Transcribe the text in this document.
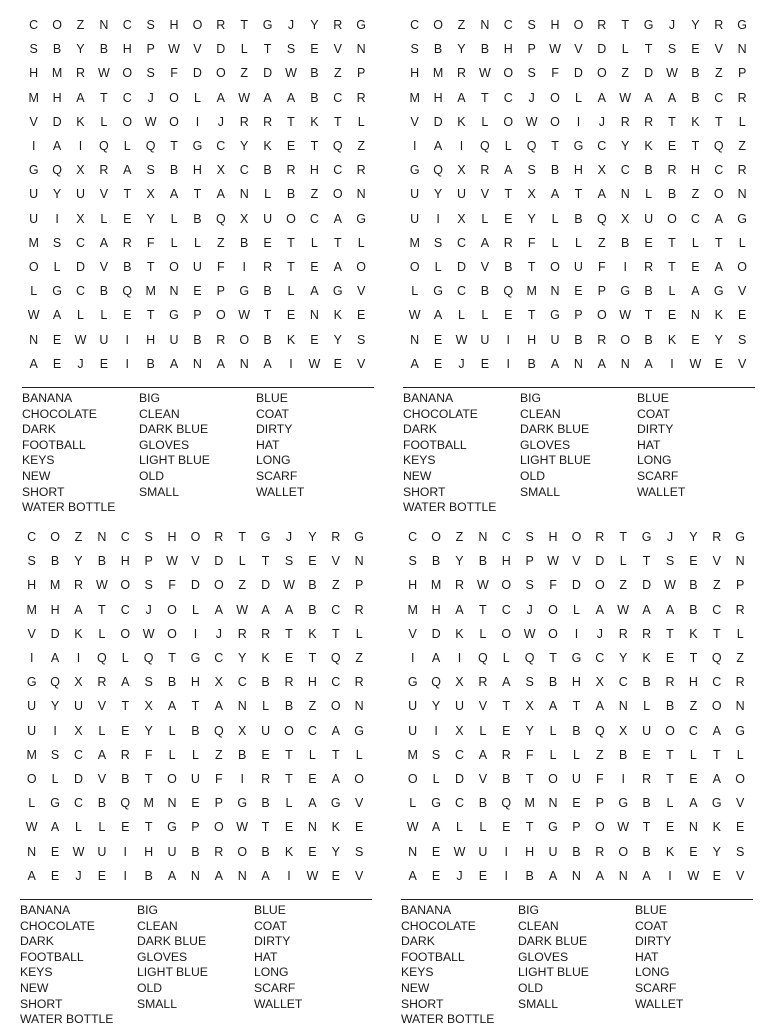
C	O	Z	N	C	S	H	O	R	T	G	J	Y	R	G
S	B	Y	B	H	P	W	V	D	L	T	S	E	V	N
H	M	R	W	O	S	F	D	O	Z	D	W	B	Z	P
M	H	A	T	C	J	O	L	A	W	A	A	B	C	R
V	D	K	L	O	W	O	I	J	R	R	T	K	T	L
I	A	I	Q	L	Q	T	G	C	Y	K	E	T	Q	Z
G	Q	X	R	A	S	B	H	X	C	B	R	H	C	R
U	Y	U	V	T	X	A	T	A	N	L	B	Z	O	N
U	I	X	L	E	Y	L	B	Q	X	U	O	C	A	G
M	S	C	A	R	F	L	L	Z	B	E	T	L	T	L
O	L	D	V	B	T	O	U	F	I	R	T	E	A	O
L	G	C	B	Q	M	N	E	P	G	B	L	A	G	V
W	A	L	L	E	T	G	P	O	W	T	E	N	K	E
N	E	W	U	I	H	U	B	R	O	B	K	E	Y	S
A	E	J	E	I	B	A	N	A	N	A	I	W	E	V
BANANA
CHOCOLATE
DARK
FOOTBALL
KEYS
NEW
SHORT
WATER BOTTLE
BIG
CLEAN
DARK BLUE
GLOVES
LIGHT BLUE
OLD
SMALL
BLUE
COAT
DIRTY
HAT
LONG
SCARF
WALLET
C	O	Z	N	C	S	H	O	R	T	G	J	Y	R	G
S	B	Y	B	H	P	W	V	D	L	T	S	E	V	N
H	M	R	W	O	S	F	D	O	Z	D	W	B	Z	P
M	H	A	T	C	J	O	L	A	W	A	A	B	C	R
V	D	K	L	O	W	O	I	J	R	R	T	K	T	L
I	A	I	Q	L	Q	T	G	C	Y	K	E	T	Q	Z
G	Q	X	R	A	S	B	H	X	C	B	R	H	C	R
U	Y	U	V	T	X	A	T	A	N	L	B	Z	O	N
U	I	X	L	E	Y	L	B	Q	X	U	O	C	A	G
M	S	C	A	R	F	L	L	Z	B	E	T	L	T	L
O	L	D	V	B	T	O	U	F	I	R	T	E	A	O
L	G	C	B	Q	M	N	E	P	G	B	L	A	G	V
W	A	L	L	E	T	G	P	O	W	T	E	N	K	E
N	E	W	U	I	H	U	B	R	O	B	K	E	Y	S
A	E	J	E	I	B	A	N	A	N	A	I	W	E	V
BANANA
CHOCOLATE
DARK
FOOTBALL
KEYS
NEW
SHORT
WATER BOTTLE
BIG
CLEAN
DARK BLUE
GLOVES
LIGHT BLUE
OLD
SMALL
BLUE
COAT
DIRTY
HAT
LONG
SCARF
WALLET
C	O	Z	N	C	S	H	O	R	T	G	J	Y	R	G
S	B	Y	B	H	P	W	V	D	L	T	S	E	V	N
H	M	R	W	O	S	F	D	O	Z	D	W	B	Z	P
M	H	A	T	C	J	O	L	A	W	A	A	B	C	R
V	D	K	L	O	W	O	I	J	R	R	T	K	T	L
I	A	I	Q	L	Q	T	G	C	Y	K	E	T	Q	Z
G	Q	X	R	A	S	B	H	X	C	B	R	H	C	R
U	Y	U	V	T	X	A	T	A	N	L	B	Z	O	N
U	I	X	L	E	Y	L	B	Q	X	U	O	C	A	G
M	S	C	A	R	F	L	L	Z	B	E	T	L	T	L
O	L	D	V	B	T	O	U	F	I	R	T	E	A	O
L	G	C	B	Q	M	N	E	P	G	B	L	A	G	V
W	A	L	L	E	T	G	P	O	W	T	E	N	K	E
N	E	W	U	I	H	U	B	R	O	B	K	E	Y	S
A	E	J	E	I	B	A	N	A	N	A	I	W	E	V
BANANA
CHOCOLATE
DARK
FOOTBALL
KEYS
NEW
SHORT
WATER BOTTLE
BIG
CLEAN
DARK BLUE
GLOVES
LIGHT BLUE
OLD
SMALL
BLUE
COAT
DIRTY
HAT
LONG
SCARF
WALLET
C	O	Z	N	C	S	H	O	R	T	G	J	Y	R	G
S	B	Y	B	H	P	W	V	D	L	T	S	E	V	N
H	M	R	W	O	S	F	D	O	Z	D	W	B	Z	P
M	H	A	T	C	J	O	L	A	W	A	A	B	C	R
V	D	K	L	O	W	O	I	J	R	R	T	K	T	L
I	A	I	Q	L	Q	T	G	C	Y	K	E	T	Q	Z
G	Q	X	R	A	S	B	H	X	C	B	R	H	C	R
U	Y	U	V	T	X	A	T	A	N	L	B	Z	O	N
U	I	X	L	E	Y	L	B	Q	X	U	O	C	A	G
M	S	C	A	R	F	L	L	Z	B	E	T	L	T	L
O	L	D	V	B	T	O	U	F	I	R	T	E	A	O
L	G	C	B	Q	M	N	E	P	G	B	L	A	G	V
W	A	L	L	E	T	G	P	O	W	T	E	N	K	E
N	E	W	U	I	H	U	B	R	O	B	K	E	Y	S
A	E	J	E	I	B	A	N	A	N	A	I	W	E	V
BANANA
CHOCOLATE
DARK
FOOTBALL
KEYS
NEW
SHORT
WATER BOTTLE
BIG
CLEAN
DARK BLUE
GLOVES
LIGHT BLUE
OLD
SMALL
BLUE
COAT
DIRTY
HAT
LONG
SCARF
WALLET
